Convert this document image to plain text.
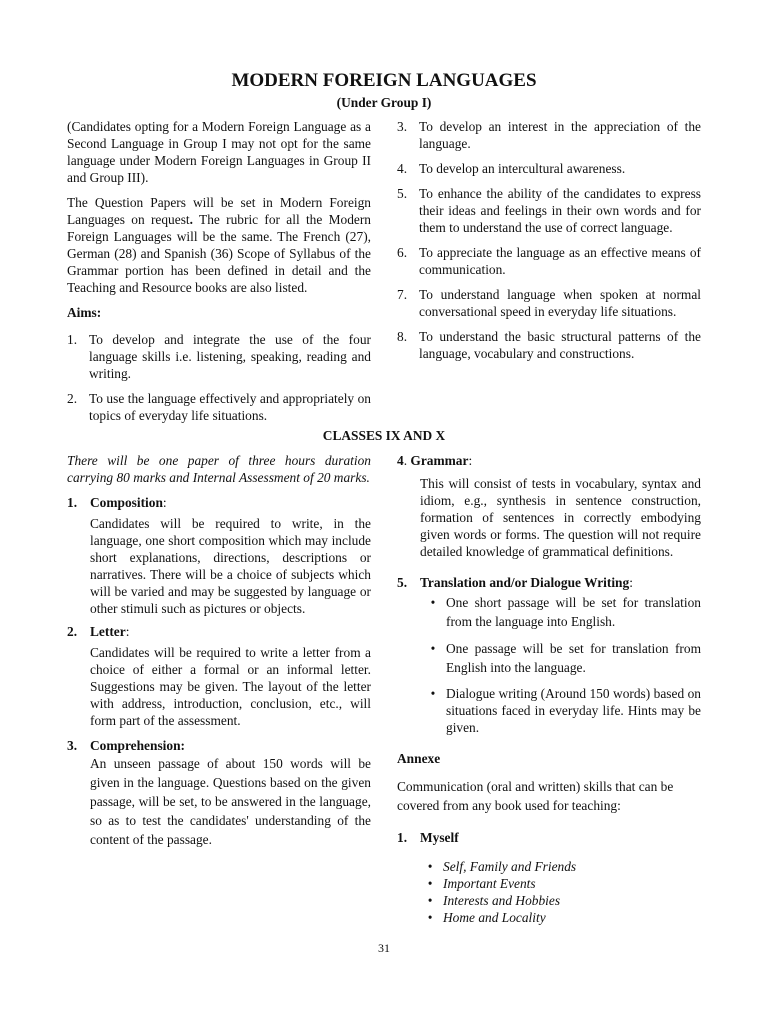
MODERN FOREIGN LANGUAGES
(Under Group I)

(Candidates opting for a Modern Foreign Language as a Second Language in Group I may not opt for the same language under Modern Foreign Languages in Group II and Group III).

The Question Papers will be set in Modern Foreign Languages on request. The rubric for all the Modern Foreign Languages will be the same. The French (27), German (28) and Spanish (36) Scope of Syllabus of the Grammar portion has been defined in detail and the Teaching and Resource books are also listed.

Aims:

1. To develop and integrate the use of the four language skills i.e. listening, speaking, reading and writing.
2. To use the language effectively and appropriately on topics of everyday life situations.
3. To develop an interest in the appreciation of the language.
4. To develop an intercultural awareness.
5. To enhance the ability of the candidates to express their ideas and feelings in their own words and for them to understand the use of correct language.
6. To appreciate the language as an effective means of communication.
7. To understand language when spoken at normal conversational speed in everyday life situations.
8. To understand the basic structural patterns of the language, vocabulary and constructions.
CLASSES IX AND X

There will be one paper of three hours duration carrying 80 marks and Internal Assessment of 20 marks.

1. Composition:

Candidates will be required to write, in the language, one short composition which may include short explanations, directions, descriptions or narratives. There will be a choice of subjects which will be varied and may be suggested by language or other stimuli such as pictures or objects.

2. Letter:

Candidates will be required to write a letter from a choice of either a formal or an informal letter. Suggestions may be given. The layout of the letter with address, introduction, conclusion, etc., will form part of the assessment.

3. Comprehension:

An unseen passage of about 150 words will be given in the language. Questions based on the given passage, will be set, to be answered in the language, so as to test the candidates' understanding of the content of the passage.

4. Grammar:

This will consist of tests in vocabulary, syntax and idiom, e.g., synthesis in sentence construction, formation of sentences in correctly embodying given words or forms. The question will not require detailed knowledge of grammatical definitions.

5. Translation and/or Dialogue Writing:
• One short passage will be set for translation from the language into English.
• One passage will be set for translation from English into the language.
• Dialogue writing (Around 150 words) based on situations faced in everyday life. Hints may be given.

Annexe

Communication (oral and written) skills that can be covered from any book used for teaching:

1. Myself
• Self, Family and Friends
• Important Events
• Interests and Hobbies
• Home and Locality
31
